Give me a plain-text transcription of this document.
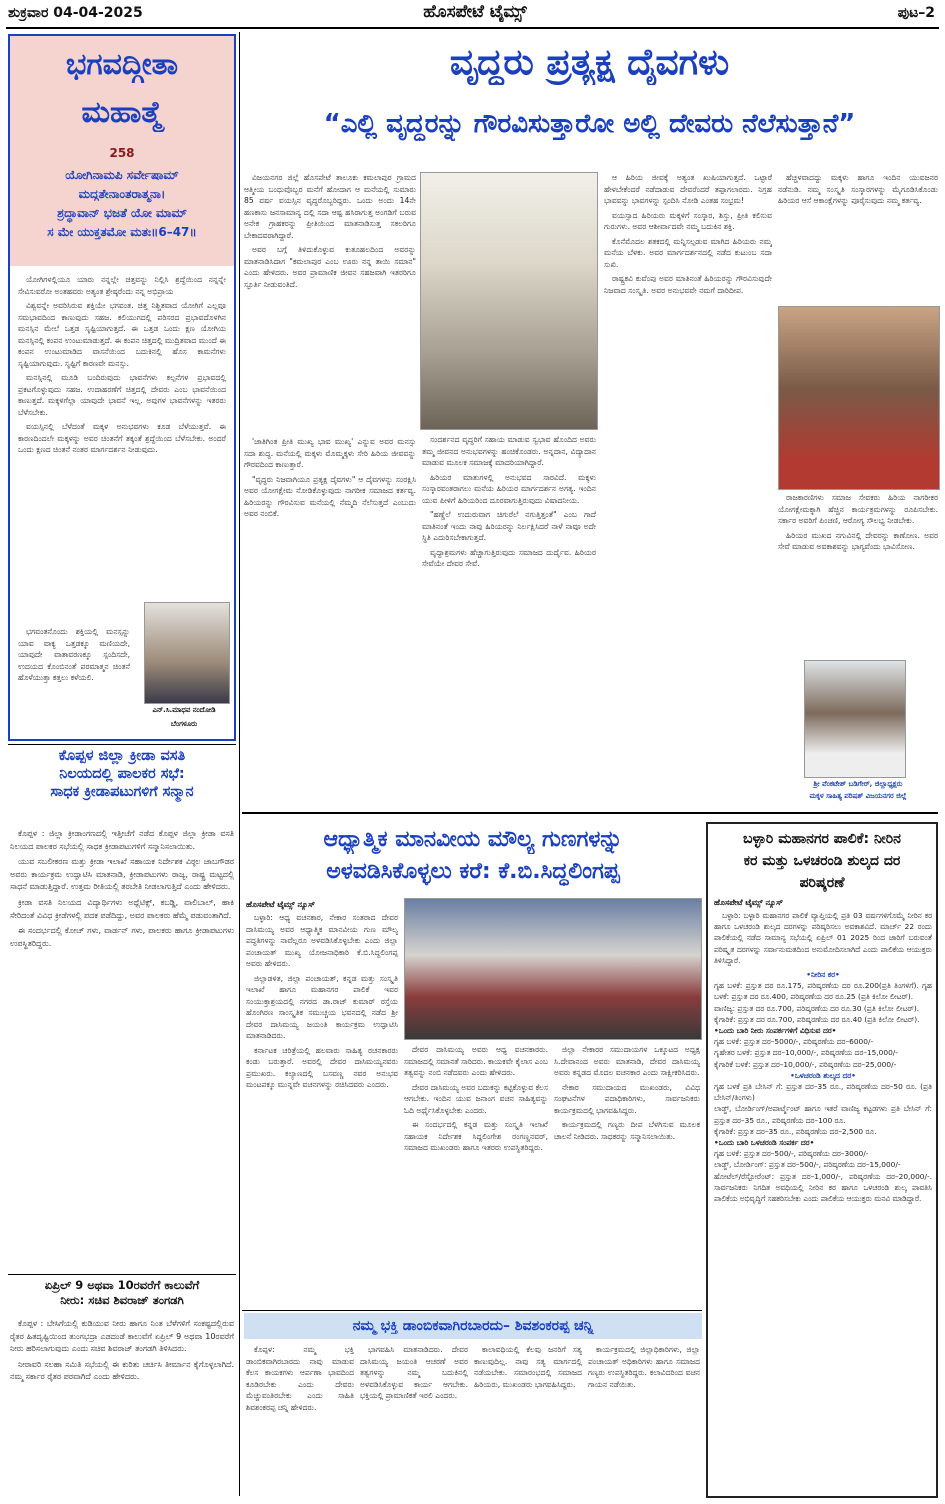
ಶುಕ್ರವಾರ 04-04-2025	ಹೊಸಪೇಟೆ ಟೈಮ್ಸ್	ಪುಟ–2
ಭಗವದ್ಗೀತಾ
ಮಹಾತ್ಮೆ
258
ಯೋಗಿನಾಮಪಿ ಸರ್ವೇಷಾಮ್
ಮದ್ಗತೇನಾಂತರಾತ್ಮನಾ।
ಶ್ರದ್ಧಾವಾನ್ ಭಜತೆ ಯೋ ಮಾಮ್
ಸ ಮೇ ಯುಕ್ತತಮೋ ಮತಃ॥6–47॥

ಯೋಗಿಗಳಲ್ಲಿಯೂ ಯಾರು ನನ್ನಲ್ಲೇ ಚಿತ್ತವನ್ನು ನಿಲ್ಲಿಸಿ ಶ್ರದ್ಧೆಯಿಂದ ನನ್ನನ್ನೇ ಸೇವಿಸುವರೋ ಅಂತಹವರು ಅತ್ಯಂತ ಶ್ರೇಷ್ಠರೆಂದು ನನ್ನ ಅಭಿಪ್ರಾಯ

ವಿಶ್ವವನ್ನೇ ಅವರಿಸಿರುವ ಶಕ್ತಿಯೇ ಭಗವಂತ. ಚಿತ್ತ ನಿಶ್ಚಿತವಾದ ಯೋಗಿಗೆ ಎಲ್ಲವೂ ಸಮಭಾವದಿಂದ ಕಾಣುವುದು ಸಹಜ. ಕಲಿಯುಗದಲ್ಲಿ ಪರಿಸರದ ಪ್ರಭಾವದೊಳಗಿನ ಮನಸ್ಸಿನ ಮೇಲೆ ಒತ್ತಡ ಸೃಷ್ಟಿಯಾಗುತ್ತದೆ. ಈ ಒತ್ತಡ ಒಂದು ಕ್ಷಣ ಯೋಗಿಯ ಮನಸ್ಸಿನಲ್ಲಿ ಕಂಪನ ಉಂಟುಮಾಡುತ್ತದೆ. ಈ ಕಂಪನ ಚಿತ್ತದಲ್ಲಿ ಮುದ್ರಿತವಾದ ಮುಂದೆ ಈ ಕಂಪನ ಉಂಟುಮಾಡಿದ ವಾಸನೆಯಿಂದ ಬದುಕಿನಲ್ಲಿ ಹೊಸ ಕಾಮನೆಗಳು ಸೃಷ್ಟಿಯಾಗುವುದು. ಸೃಷ್ಟಿಗೆ ಕಾರಣವೇ ಮನಸ್ಸು.

ಮನಸ್ಸಿನಲ್ಲಿ ಮೂಡಿ ಬಂದಿರುವುದು ಭಾವನೆಗಳು ಕಲ್ಪನೆಗಳ ಪ್ರಭಾವದಲ್ಲಿ ಪ್ರಕಟಗೊಳ್ಳುವುದು ಸಹಜ. ಉದಾಹರಣೆಗೆ ಚಿತ್ತದಲ್ಲಿ ದೇವರು ಎಂಬ ಭಾವನೆಯಿಂದ ಕಾಣುತ್ತದೆ. ಮಕ್ಕಳಿಗೆಲ್ಲಾ ಯಾವುದೇ ಭಾವನೆ ಇಲ್ಲ. ಅವುಗಳ ಭಾವನೆಗಳನ್ನು ಇತರರು ಬೆಳೆಸಬೇಕು.

ವಯಸ್ಸಿನಲ್ಲಿ ಬೆಳೆದಂತೆ ಮಕ್ಕಳ ಅನುಭವಗಳು ಕೂಡ ಬೆಳೆಯುತ್ತವೆ. ಈ ಕಾರಣದಿಂದಲೇ ಮಕ್ಕಳನ್ನು ಅವರ ಚಿಂತನೆಗೆ ತಕ್ಕಂತೆ ಶ್ರದ್ಧೆಯಿಂದ ಬೆಳೆಸಬೇಕು. ಅಂದರೆ ಒಂದು ಕ್ಷಣದ ಚಿಂತನೆ ನಂತರ ಮಾರ್ಗದರ್ಶನ ನೀಡುವುದು.

ಭಗವಂತನೊಂದು ಶಕ್ತಿಯಲ್ಲಿ ಮನಸ್ಸನ್ನು ಯಾವ ವಾಕ್ಯ ಒತ್ತಡಕ್ಕೂ ಮಣಿಯದೇ, ಯಾವುದೇ ವಾತಾವರಣಕ್ಕೂ ಸ್ಪಂದಿಸದೇ, ಉದಯದ ಕೊಂಬಿನಂತೆ ಪರಮಾತ್ಮನ ಚಿಂತನೆ ಹೊಳೆಯುತ್ತಾ ಕತ್ತಲು ಕಳೆಯಲಿ.

ಎನ್.ಸಿ.ಮಾಧವ ನಂದೋಡಿ
ಬೆಂಗಳೂರು
ವೃದ್ಧರು ಪ್ರತ್ಯಕ್ಷ ದೈವಗಳು
“ಎಲ್ಲಿ ವೃದ್ಧರನ್ನು ಗೌರವಿಸುತ್ತಾರೋ ಅಲ್ಲಿ ದೇವರು ನೆಲೆಸುತ್ತಾನೆ”

ವಿಜಯನಗರ ಜಿಲ್ಲೆ ಹೊಸಪೇಟೆ ತಾಲೂಕು ಕಮಲಾಪುರ ಗ್ರಾಮದ ಆತ್ಮೀಯ ಬಂಧುವೊಬ್ಬರ ಮನೆಗೆ ಹೋದಾಗ ಆ ಮನೆಯಲ್ಲಿ ಸುಮಾರು 85 ವರ್ಷ ವಯಸ್ಸಿನ ವೃದ್ಧರೊಬ್ಬರಿದ್ದರು. ಒಂದು ಅಂದು 14ನೇ ಹಣಕಾಸು ಜನಸಾಮಾನ್ಯ ದಲ್ಲಿ ಸದಾ ಆಷ್ಟ ಹಸಿರಾಗುತ್ತ ಅಂಗಡಿಗೆ ಬರುವ ಅನೇಕ ಗ್ರಾಹಕರನ್ನು ಪ್ರೀತಿಯಿಂದ ಮಾತನಾಡಿಸುತ್ತ ಸಕಲರಿಗೂ ಬೇಕಾದವರಾಗಿದ್ದಾರೆ.

ಅವರ ಬಗ್ಗೆ ತಿಳಿದುಕೊಳ್ಳುವ ಕುತೂಹಲದಿಂದ ಅವರನ್ನು ಮಾತನಾಡಿಸಿದಾಗ "ಕಮಲಾಪುರ ಎಂಬ ಊರು ನನ್ನ ತಾಯಿ ಸಮಾನ" ಎಂದು ಹೇಳಿದರು. ಅವರ ಪ್ರಾಮಾಣಿಕ ಜೀವನ ಸಹಜವಾಗಿ ಇತರರಿಗೂ ಸ್ಫೂರ್ತಿ ನೀಡುವಂತಿದೆ.

'ಜಾತಿಗಿಂತ ಪ್ರೀತಿ ಮುಖ್ಯ ಭಾವ ಮುಖ್ಯ' ಎನ್ನುವ ಅವರ ಮನಸ್ಸು ಸದಾ ಶುದ್ಧ. ಮನೆಯಲ್ಲಿ ಮಕ್ಕಳು ಮೊಮ್ಮಕ್ಕಳು ಸೇರಿ ಹಿರಿಯ ಜೀವವನ್ನು ಗೌರವದಿಂದ ಕಾಣುತ್ತಾರೆ.

"ವೃದ್ಧರು ನಿಜವಾಗಿಯೂ ಪ್ರತ್ಯಕ್ಷ ದೈವಗಳು" ಆ ದೈವಗಳನ್ನು ಸಂರಕ್ಷಿಸಿ ಅವರ ಯೋಗಕ್ಷೇಮ ನೋಡಿಕೊಳ್ಳುವುದು ನಾಗರೀಕ ಸಮಾಜದ ಕರ್ತವ್ಯ. ಹಿರಿಯರನ್ನು ಗೌರವಿಸುವ ಮನೆಯಲ್ಲಿ ನೆಮ್ಮದಿ ನೆಲೆಸುತ್ತದೆ ಎಂಬುದು ಅವರ ನಂಬಿಕೆ.

ಸಂದರ್ಶನದ ವೃದ್ಧರಿಗೆ ಸಹಾಯ ಮಾಡುವ ಸ್ವಭಾವ ಹೊಂದಿದ ಅವರು ತಮ್ಮ ಜೀವನದ ಅನುಭವಗಳನ್ನು ಹಂಚಿಕೊಂಡರು. ಅನ್ನದಾನ, ವಿದ್ಯಾದಾನ ಮಾಡುವ ಮೂಲಕ ಸಮಾಜಕ್ಕೆ ಮಾದರಿಯಾಗಿದ್ದಾರೆ.

ಹಿರಿಯರ ಮಾತುಗಳಲ್ಲಿ ಅನುಭವದ ಸಾರವಿದೆ. ಮಕ್ಕಳು ಸಂಸ್ಕಾರವಂತರಾಗಲು ಮನೆಯ ಹಿರಿಯರ ಮಾರ್ಗದರ್ಶನ ಅಗತ್ಯ. ಇಂದಿನ ಯುವ ಪೀಳಿಗೆ ಹಿರಿಯರಿಂದ ದೂರವಾಗುತ್ತಿರುವುದು ವಿಷಾದನೀಯ.

"ಹಣ್ಣೆಲೆ ಉದುರುವಾಗ ಚಿಗುರೆಲೆ ನಗುತ್ತಿತ್ತಂತೆ" ಎಂಬ ಗಾದೆ ಮಾತಿನಂತೆ ಇಂದು ನಾವು ಹಿರಿಯರನ್ನು ನಿರ್ಲಕ್ಷಿಸಿದರೆ ನಾಳೆ ನಾವೂ ಅದೇ ಸ್ಥಿತಿ ಎದುರಿಸಬೇಕಾಗುತ್ತದೆ.

ವೃದ್ಧಾಶ್ರಮಗಳು ಹೆಚ್ಚಾಗುತ್ತಿರುವುದು ಸಮಾಜದ ದುರ್ದೈವ. ಹಿರಿಯರ ಸೇವೆಯೇ ದೇವರ ಸೇವೆ.

ಆ ಹಿರಿಯ ಜೀವಕ್ಕೆ ಅತ್ಯಂತ ಖುಷಿಯಾಗುತ್ತದೆ. ಒಟ್ಟಾರೆ ಹೇಳಬೇಕೆಂದರೆ ನಡೆದಾಡುವ ದೇವರೆಂದರೆ ತಪ್ಪಾಗಲಾರದು. ನಿಗ್ರಹ ಭಾವವನ್ನು ಭಾವಗಳನ್ನು ಸ್ಪಂದಿಸಿ ನೋಡಿ ಎಂತಹ ಸಂಭ್ರಮ!

ವಯಸ್ಸಾದ ಹಿರಿಯರು ಮಕ್ಕಳಿಗೆ ಸಂಸ್ಕಾರ, ಶಿಸ್ತು, ಪ್ರೀತಿ ಕಲಿಸುವ ಗುರುಗಳು. ಅವರ ಆಶೀರ್ವಾದವೇ ನಮ್ಮ ಬದುಕಿನ ಶಕ್ತಿ.

ಕೊನೆಮೊದಲ ಶತಕದಲ್ಲಿ ಮನ್ನಿಸಲ್ಪಡುವ ಮಾಗಿದ ಹಿರಿಯರು ನಮ್ಮ ಮನೆಯ ಬೆಳಕು. ಅವರ ಮಾರ್ಗದರ್ಶನದಲ್ಲಿ ನಡೆದ ಕುಟುಂಬ ಸದಾ ಸುಖಿ.

ರಾಷ್ಟ್ರಕವಿ ಕುವೆಂಪು ಅವರ ಮಾತಿನಂತೆ ಹಿರಿಯರನ್ನು ಗೌರವಿಸುವುದೇ ನಿಜವಾದ ಸಂಸ್ಕೃತಿ. ಅವರ ಅನುಭವವೇ ನಮಗೆ ದಾರಿದೀಪ.

ಹೆಚ್ಚಳವಾದದ್ದು ಮಕ್ಕಳು ಹಾಗೂ ಇಂದಿನ ಯುವಜನರ ನಡೆನುಡಿ. ನಮ್ಮ ಸಂಸ್ಕೃತಿ ಸಂಸ್ಕಾರಗಳನ್ನು ಮೈಗೂಡಿಸಿಕೊಂಡು ಹಿರಿಯರ ಆಸೆ ಆಕಾಂಕ್ಷೆಗಳನ್ನು ಪೂರೈಸುವುದು ನಮ್ಮ ಕರ್ತವ್ಯ.

ರಾಜಕಾರಣಿಗಳು ಸಮಾಜ ಸೇವಕರು ಹಿರಿಯ ನಾಗರೀಕರ ಯೋಗಕ್ಷೇಮಕ್ಕಾಗಿ ಹೆಚ್ಚಿನ ಕಾರ್ಯಕ್ರಮಗಳನ್ನು ರೂಪಿಸಬೇಕು. ಸರ್ಕಾರ ಅವರಿಗೆ ಪಿಂಚಣಿ, ಆರೋಗ್ಯ ಸೌಲಭ್ಯ ನೀಡಬೇಕು.

ಹಿರಿಯರ ಮುಖದ ನಗುವಿನಲ್ಲಿ ದೇವರನ್ನು ಕಾಣೋಣ. ಅವರ ಸೇವೆ ಮಾಡುವ ಅವಕಾಶವನ್ನು ಭಾಗ್ಯವೆಂದು ಭಾವಿಸೋಣ.

ಶ್ರೀ ವೆಂಕಟೇಶ್ ಬಡಿಗೇರ್, ಜಿಲ್ಲಾಧ್ಯಕ್ಷರು
ಮಕ್ಕಳ ಸಾಹಿತ್ಯ ಪರಿಷತ್ ವಿಜಯನಗರ ಜಿಲ್ಲೆ
ಕೊಪ್ಪಳ ಜಿಲ್ಲಾ ಕ್ರೀಡಾ ವಸತಿ
ನಿಲಯದಲ್ಲಿ ಪಾಲಕರ ಸಭೆ:
ಸಾಧಕ ಕ್ರೀಡಾಪಟುಗಳಿಗೆ ಸನ್ಮಾನ

ಕೊಪ್ಪಳ : ಜಿಲ್ಲಾ ಕ್ರೀಡಾಂಗಣದಲ್ಲಿ ಇತ್ತೀಚೆಗೆ ನಡೆದ ಕೊಪ್ಪಳ ಜಿಲ್ಲಾ ಕ್ರೀಡಾ ವಸತಿ ನಿಲಯದ ಪಾಲಕರ ಸಭೆಯಲ್ಲಿ ಸಾಧಕ ಕ್ರೀಡಾಪಟುಗಳಿಗೆ ಸನ್ಮಾನಿಸಲಾಯಿತು.

ಯುವ ಸಬಲೀಕರಣ ಮತ್ತು ಕ್ರೀಡಾ ಇಲಾಖೆ ಸಹಾಯಕ ನಿರ್ದೇಶಕ ವಿಠ್ಠಲ ಜಾಬಗೌಡರ ಅವರು ಕಾರ್ಯಕ್ರಮ ಉದ್ಘಾಟಿಸಿ ಮಾತನಾಡಿ, ಕ್ರೀಡಾಪಟುಗಳು ರಾಜ್ಯ, ರಾಷ್ಟ್ರ ಮಟ್ಟದಲ್ಲಿ ಸಾಧನೆ ಮಾಡುತ್ತಿದ್ದಾರೆ. ಉತ್ತಮ ರೀತಿಯಲ್ಲಿ ತರಬೇತಿ ನೀಡಲಾಗುತ್ತಿದೆ ಎಂದು ಹೇಳಿದರು.

ಕ್ರೀಡಾ ವಸತಿ ನಿಲಯದ ವಿದ್ಯಾರ್ಥಿಗಳು ಅಥ್ಲೆಟಿಕ್ಸ್, ಕಬಡ್ಡಿ, ವಾಲಿಬಾಲ್, ಹಾಕಿ ಸೇರಿದಂತೆ ವಿವಿಧ ಕ್ರೀಡೆಗಳಲ್ಲಿ ಪದಕ ಪಡೆದಿದ್ದು, ಅವರ ಪಾಲಕರು ಹೆಮ್ಮೆ ಪಡುವಂತಾಗಿದೆ.

ಈ ಸಂದರ್ಭದಲ್ಲಿ ಕೋಚ್ ಗಳು, ವಾರ್ಡನ್ ಗಳು, ಪಾಲಕರು ಹಾಗೂ ಕ್ರೀಡಾಪಟುಗಳು ಉಪಸ್ಥಿತರಿದ್ದರು.

ಏಪ್ರಿಲ್ 9 ಅಥವಾ 10ರವರೆಗೆ ಕಾಲುವೆಗೆ
ನೀರು: ಸಚಿವ ಶಿವರಾಜ್ ತಂಗಡಗಿ

ಕೊಪ್ಪಳ : ಬೇಸಿಗೆಯಲ್ಲಿ ಕುಡಿಯುವ ನೀರು ಹಾಗೂ ನಿಂತ ಬೆಳೆಗಳಿಗೆ ಸಂಕಷ್ಟದಲ್ಲಿರುವ ರೈತರ ಹಿತದೃಷ್ಟಿಯಿಂದ ತುಂಗಭದ್ರಾ ಎಡದಂಡೆ ಕಾಲುವೆಗೆ ಏಪ್ರಿಲ್ 9 ಅಥವಾ 10ರವರೆಗೆ ನೀರು ಹರಿಸಲಾಗುವುದು ಎಂದು ಸಚಿವ ಶಿವರಾಜ್ ತಂಗಡಗಿ ತಿಳಿಸಿದರು.

ನೀರಾವರಿ ಸಲಹಾ ಸಮಿತಿ ಸಭೆಯಲ್ಲಿ ಈ ಕುರಿತು ಚರ್ಚಿಸಿ ತೀರ್ಮಾನ ಕೈಗೊಳ್ಳಲಾಗಿದೆ. ನಮ್ಮ ಸರ್ಕಾರ ರೈತರ ಪರವಾಗಿದೆ ಎಂದು ಹೇಳಿದರು.

ಆಧ್ಯಾತ್ಮಿಕ ಮಾನವೀಯ ಮೌಲ್ಯ ಗುಣಗಳನ್ನು
ಅಳವಡಿಸಿಕೊಳ್ಳಲು ಕರೆ: ಕೆ.ಬಿ.ಸಿದ್ಧಲಿಂಗಪ್ಪ
ಹೊಸಪೇಟೆ ಟೈಮ್ಸ್ ನ್ಯೂಸ್

ಬಳ್ಳಾರಿ: ಆಧ್ಯ ವಚನಕಾರ, ನೇಕಾರ ಸಂತರಾದ ದೇವರ ದಾಸಿಮಯ್ಯ ಅವರ ಆಧ್ಯಾತ್ಮಿಕ ಮಾನವೀಯ ಗುಣ ಮೌಲ್ಯ ಪದ್ಧತಿಗಳನ್ನು ನಾವೆಲ್ಲರೂ ಅಳವಡಿಸಿಕೊಳ್ಳಬೇಕು ಎಂದು ಜಿಲ್ಲಾ ಪಂಚಾಯತ್ ಮುಖ್ಯ ಯೋಜನಾಧಿಕಾರಿ ಕೆ.ಬಿ.ಸಿದ್ಧಲಿಂಗಪ್ಪ ಅವರು ಹೇಳಿದರು.

ಜಿಲ್ಲಾಡಳಿತ, ಜಿಲ್ಲಾ ಪಂಚಾಯತ್, ಕನ್ನಡ ಮತ್ತು ಸಂಸ್ಕೃತಿ ಇಲಾಖೆ ಹಾಗೂ ಮಹಾನಗರ ಪಾಲಿಕೆ ಇವರ ಸಂಯುಕ್ತಾಶ್ರಯದಲ್ಲಿ ನಗರದ ಡಾ.ರಾಜ್ ಕುಮಾರ್ ರಸ್ತೆಯ ಹೊಂಗಿರಣ ಸಾಂಸ್ಕೃತಿಕ ಸಮುಚ್ಚಯ ಭವನದಲ್ಲಿ ನಡೆದ ಶ್ರೀ ದೇವರ ದಾಸಿಮಯ್ಯ ಜಯಂತಿ ಕಾರ್ಯಕ್ರಮ ಉದ್ಘಾಟಿಸಿ ಮಾತನಾಡಿದರು.

ಕರ್ನಾಟಕ ಚರಿತ್ರೆಯಲ್ಲಿ ಹಲವಾರು ಸಾಹಿತ್ಯ ರಚನಕಾರರು ಕಂಡು ಬರುತ್ತಾರೆ. ಅವರಲ್ಲಿ ದೇವರ ದಾಸಿಮಯ್ಯನವರು ಪ್ರಮುಖರು. ಕಲ್ಯಾಣದಲ್ಲಿ ಬಸವಣ್ಣ ನವರ ಅನುಭವ ಮಂಟಪಕ್ಕೂ ಮುನ್ನವೇ ವಚನಗಳನ್ನು ರಚಿಸಿದವರು ಎಂದರು.

ದೇವರ ದಾಸಿಮಯ್ಯ ಅವರು ಆಧ್ಯ ವಚನಕಾರರು. ಸಮಾಜದಲ್ಲಿ ಸಮಾನತೆ ಸಾರಿದರು. ಕಾಯಕವೇ ಕೈಲಾಸ ಎಂಬ ತತ್ವವನ್ನು ನಂಬಿ ನಡೆದವರು ಎಂದು ಹೇಳಿದರು.

ದೇವರ ದಾಸಿಮಯ್ಯ ಅವರ ಬದುಕನ್ನು ಕಟ್ಟಿಕೊಳ್ಳುವ ಕೆಲಸ ಆಗಬೇಕು. ಇಂದಿನ ಯುವ ಜನಾಂಗ ವಚನ ಸಾಹಿತ್ಯವನ್ನು ಓದಿ ಅರ್ಥೈಸಿಕೊಳ್ಳಬೇಕು ಎಂದರು.

ಈ ಸಂದರ್ಭದಲ್ಲಿ ಕನ್ನಡ ಮತ್ತು ಸಂಸ್ಕೃತಿ ಇಲಾಖೆ ಸಹಾಯಕ ನಿರ್ದೇಶಕ ಸಿದ್ದಲಿಂಗೇಶ ರಂಗಣ್ಣನವರ್, ಸಮಾಜದ ಮುಖಂಡರು ಹಾಗೂ ಇತರರು ಉಪಸ್ಥಿತರಿದ್ದರು.

ಜಿಲ್ಲಾ ನೇಕಾರರ ಸಮುದಾಯಗಳ ಒಕ್ಕೂಟದ ಅಧ್ಯಕ್ಷ ಸಿ.ದೇವಾನಂದ ಅವರು ಮಾತನಾಡಿ, ದೇವರ ದಾಸಿಮಯ್ಯ ಅವರು ಕನ್ನಡದ ಮೊದಲ ವಚನಕಾರ ಎಂದು ಸಾಕ್ಷೀಕರಿಸಿದರು.

ನೇಕಾರ ಸಮುದಾಯದ ಮುಖಂಡರು, ವಿವಿಧ ಸಂಘಟನೆಗಳ ಪದಾಧಿಕಾರಿಗಳು, ಸಾರ್ವಜನಿಕರು ಕಾರ್ಯಕ್ರಮದಲ್ಲಿ ಭಾಗವಹಿಸಿದ್ದರು.

ಕಾರ್ಯಕ್ರಮದಲ್ಲಿ ಗಣ್ಯರು ದೀಪ ಬೆಳಗಿಸುವ ಮೂಲಕ ಚಾಲನೆ ನೀಡಿದರು. ಸಾಧಕರನ್ನು ಸನ್ಮಾನಿಸಲಾಯಿತು.

ಬಳ್ಳಾರಿ ಮಹಾನಗರ ಪಾಲಿಕೆ: ನೀರಿನ
ಕರ ಮತ್ತು ಒಳಚರಂಡಿ ಶುಲ್ಕದ ದರ
ಪರಿಷ್ಕರಣೆ
ಹೊಸಪೇಟೆ ಟೈಮ್ಸ್ ನ್ಯೂಸ್

ಬಳ್ಳಾರಿ: ಬಳ್ಳಾರಿ ಮಹಾನಗರ ಪಾಲಿಕೆ ವ್ಯಾಪ್ತಿಯಲ್ಲಿ ಪ್ರತಿ 03 ವರ್ಷಗಳಿಗೊಮ್ಮೆ ನೀರಿನ ಕರ ಹಾಗೂ ಒಳಚರಂಡಿ ಶುಲ್ಕದ ದರಗಳನ್ನು ಪರಿಷ್ಕರಿಸಲು ಅವಕಾಶವಿದೆ. ಮಾರ್ಚ್ 22 ರಂದು ಪಾಲಿಕೆಯಲ್ಲಿ ನಡೆದ ಸಾಮಾನ್ಯ ಸಭೆಯಲ್ಲಿ ಏಪ್ರಿಲ್ 01 2025 ರಿಂದ ಜಾರಿಗೆ ಬರುವಂತೆ ಪರಿಷ್ಕೃತ ದರಗಳನ್ನು ಸರ್ವಾನುಮತದಿಂದ ಅನುಮೋದಿಸಲಾಗಿದೆ ಎಂದು ಪಾಲಿಕೆಯ ಆಯುಕ್ತರು ತಿಳಿಸಿದ್ದಾರೆ.

•ನೀರಿನ ಕರ•
ಗೃಹ ಬಳಕೆ: ಪ್ರಸ್ತುತ ದರ ರೂ.175, ಪರಿಷ್ಕರಣೆಯ ದರ ರೂ.200(ಪ್ರತಿ ತಿಂಗಳಿಗೆ). ಗೃಹ ಬಳಕೆ: ಪ್ರಸ್ತುತ ದರ ರೂ.400, ಪರಿಷ್ಕರಣೆಯ ದರ ರೂ.25 (ಪ್ರತಿ ಕಿಲೋ ಲೀಟರ್).
ವಾಣಿಜ್ಯ: ಪ್ರಸ್ತುತ ದರ ರೂ.700, ಪರಿಷ್ಕರಣೆಯ ದರ ರೂ.30 (ಪ್ರತಿ ಕಿಲೋ ಲೀಟರ್).
ಕೈಗಾರಿಕೆ: ಪ್ರಸ್ತುತ ದರ ರೂ.700, ಪರಿಷ್ಕರಣೆಯ ದರ ರೂ.40 (ಪ್ರತಿ ಕಿಲೋ ಲೀಟರ್).
•ಒಂದು ಬಾರಿ ನೀರು ಸಂಪರ್ಕಗಳಿಗೆ ವಿಧಿಸುವ ದರ•
ಗೃಹ ಬಳಕೆ: ಪ್ರಸ್ತುತ ದರ–5000/-, ಪರಿಷ್ಕರಣೆಯ ದರ–6000/-
ಗೃಹೇತರ ಬಳಕೆ: ಪ್ರಸ್ತುತ ದರ–10,000/-, ಪರಿಷ್ಕರಣೆಯ ದರ–15,000/-
ಕೈಗಾರಿಕೆ ಬಳಕೆ: ಪ್ರಸ್ತುತ ದರ–10,000/-, ಪರಿಷ್ಕರಣೆಯ ದರ–25,000/-
•ಒಳಚರಂಡಿ ಶುಲ್ಕದ ದರ•
ಗೃಹ ಬಳಕೆ ಪ್ರತಿ ಬೇಸಿನ್ ಗೆ: ಪ್ರಸ್ತುತ ದರ–35 ರೂ., ಪರಿಷ್ಕರಣೆಯ ದರ–50 ರೂ. (ಪ್ರತಿ ಬೇಸಿನ್/ತಿಂಗಳು)
ಲಾಡ್ಜ್, ಬೋರ್ಡಿಂಗ್/ಅಪಾರ್ಟ್ಮೆಂಟ್ ಹಾಗೂ ಇತರೆ ವಾಣಿಜ್ಯ ಕಟ್ಟಡಗಳು ಪ್ರತಿ ಬೇಸಿನ್ ಗೆ: ಪ್ರಸ್ತುತ ದರ–35 ರೂ., ಪರಿಷ್ಕರಣೆಯ ದರ–100 ರೂ.
ಕೈಗಾರಿಕೆ: ಪ್ರಸ್ತುತ ದರ–35 ರೂ., ಪರಿಷ್ಕರಣೆಯ ದರ–2,500 ರೂ.
•ಒಂದು ಬಾರಿ ಒಳಚರಂಡಿ ಸಂಪರ್ಕ ದರ•
ಗೃಹ ಬಳಕೆ: ಪ್ರಸ್ತುತ ದರ–500/-, ಪರಿಷ್ಕರಣೆಯ ದರ–3000/-
ಲಾಡ್ಜ್, ಬೋರ್ಡಿಂಗ್: ಪ್ರಸ್ತುತ ದರ–500/-, ಪರಿಷ್ಕರಣೆಯ ದರ–15,000/-
ಹೋಟೆಲ್/ರೆಸ್ಟೋರೆಂಟ್: ಪ್ರಸ್ತುತ ದರ–1,000/-, ಪರಿಷ್ಕರಣೆಯ ದರ–20,000/-. ಸಾರ್ವಜನಿಕರು ನಿಗದಿತ ಅವಧಿಯಲ್ಲಿ ನೀರಿನ ಕರ ಹಾಗೂ ಒಳಚರಂಡಿ ಶುಲ್ಕ ಪಾವತಿಸಿ ಪಾಲಿಕೆಯ ಅಭಿವೃದ್ಧಿಗೆ ಸಹಕರಿಸಬೇಕು ಎಂದು ಪಾಲಿಕೆಯ ಆಯುಕ್ತರು ಮನವಿ ಮಾಡಿದ್ದಾರೆ.
ನಮ್ಮ ಭಕ್ತಿ ಡಾಂಬಿಕವಾಗಿರಬಾರದು– ಶಿವಶಂಕರಪ್ಪ ಚನ್ನಿ

ಕೊಪ್ಪಳ: ನಮ್ಮ ಭಕ್ತಿ ಡಾಂಬಿಕವಾಗಿರಬಾರದು ನಾವು ಮಾಡುವ ಕೆಲಸ ಕಾಯಕಗಳು ಆರ್ಪಣಾ ಭಾವದಿಂದ ಕೂಡಿರಬೇಕು ಎಂದು ದೇವರು ಮೆಚ್ಚುವಂತಿರಬೇಕು ಎಂದು ಸಾಹಿತಿ ಶಿವಶಂಕರಪ್ಪ ಚನ್ನಿ ಹೇಳಿದರು.

ಭಾಗವಹಿಸಿ ಮಾತನಾಡಿದರು. ದೇವರ ದಾಸಿಮಯ್ಯ ಜಯಂತಿ ಆಚರಣೆ ಅವರ ತತ್ವಗಳನ್ನು ನಮ್ಮ ಬದುಕಿನಲ್ಲಿ ಅಳವಡಿಸಿಕೊಳ್ಳುವ ಕಾರ್ಯ ಆಗಬೇಕು. ಭಕ್ತಿಯಲ್ಲಿ ಪ್ರಾಮಾಣಿಕತೆ ಇರಲಿ ಎಂದರು.

ಕಾಲಾವಧಿಯಲ್ಲಿ ಕೆಲವು ಜನರಿಗೆ ಸತ್ಯ ಕಾಣುವುದಿಲ್ಲ. ನಾವು ಸತ್ಯ ಮಾರ್ಗದಲ್ಲಿ ನಡೆಯಬೇಕು. ಸಮಾರಂಭದಲ್ಲಿ ಸಮಾಜದ ಹಿರಿಯರು, ಮುಖಂಡರು ಭಾಗವಹಿಸಿದ್ದರು.

ಕಾರ್ಯಕ್ರಮದಲ್ಲಿ ಜಿಲ್ಲಾಧಿಕಾರಿಗಳು, ಜಿಲ್ಲಾ ಪಂಚಾಯತ್ ಅಧಿಕಾರಿಗಳು ಹಾಗೂ ಸಮಾಜದ ಗಣ್ಯರು ಉಪಸ್ಥಿತರಿದ್ದರು. ಕಲಾವಿದರಿಂದ ವಚನ ಗಾಯನ ನಡೆಯಿತು.
